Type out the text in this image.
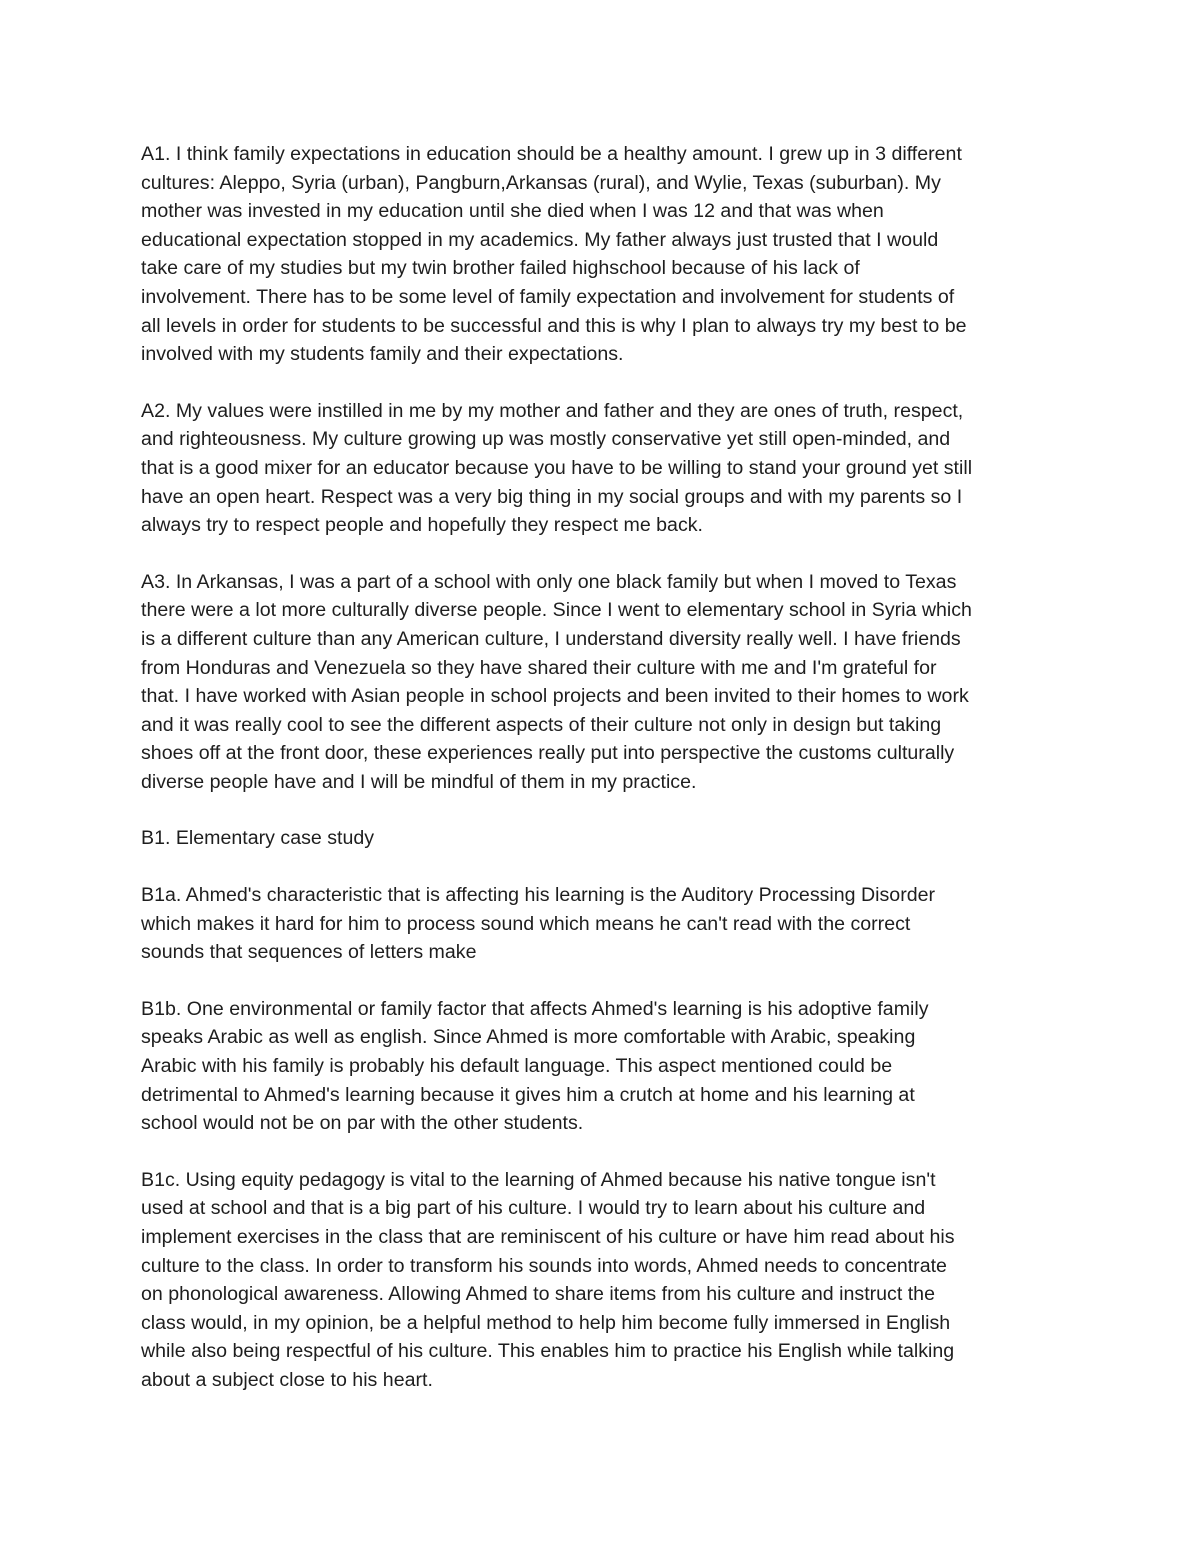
A1. I think family expectations in education should be a healthy amount. I grew up in 3 different
cultures: Aleppo, Syria (urban), Pangburn,Arkansas (rural), and Wylie, Texas (suburban). My
mother was invested in my education until she died when I was 12 and that was when
educational expectation stopped in my academics. My father always just trusted that I would
take care of my studies but my twin brother failed highschool because of his lack of
involvement. There has to be some level of family expectation and involvement for students of
all levels in order for students to be successful and this is why I plan to always try my best to be
involved with my students family and their expectations.

A2. My values were instilled in me by my mother and father and they are ones of truth, respect,
and righteousness. My culture growing up was mostly conservative yet still open-minded, and
that is a good mixer for an educator because you have to be willing to stand your ground yet still
have an open heart. Respect was a very big thing in my social groups and with my parents so I
always try to respect people and hopefully they respect me back.

A3. In Arkansas, I was a part of a school with only one black family but when I moved to Texas
there were a lot more culturally diverse people. Since I went to elementary school in Syria which
is a different culture than any American culture, I understand diversity really well. I have friends
from Honduras and Venezuela so they have shared their culture with me and I'm grateful for
that. I have worked with Asian people in school projects and been invited to their homes to work
and it was really cool to see the different aspects of their culture not only in design but taking
shoes off at the front door, these experiences really put into perspective the customs culturally
diverse people have and I will be mindful of them in my practice.

B1. Elementary case study

B1a. Ahmed's characteristic that is affecting his learning is the Auditory Processing Disorder
which makes it hard for him to process sound which means he can't read with the correct
sounds that sequences of letters make

B1b. One environmental or family factor that affects Ahmed's learning is his adoptive family
speaks Arabic as well as english. Since Ahmed is more comfortable with Arabic, speaking
Arabic with his family is probably his default language. This aspect mentioned could be
detrimental to Ahmed's learning because it gives him a crutch at home and his learning at
school would not be on par with the other students.

B1c. Using equity pedagogy is vital to the learning of Ahmed because his native tongue isn't
used at school and that is a big part of his culture. I would try to learn about his culture and
implement exercises in the class that are reminiscent of his culture or have him read about his
culture to the class. In order to transform his sounds into words, Ahmed needs to concentrate
on phonological awareness. Allowing Ahmed to share items from his culture and instruct the
class would, in my opinion, be a helpful method to help him become fully immersed in English
while also being respectful of his culture. This enables him to practice his English while talking
about a subject close to his heart.
